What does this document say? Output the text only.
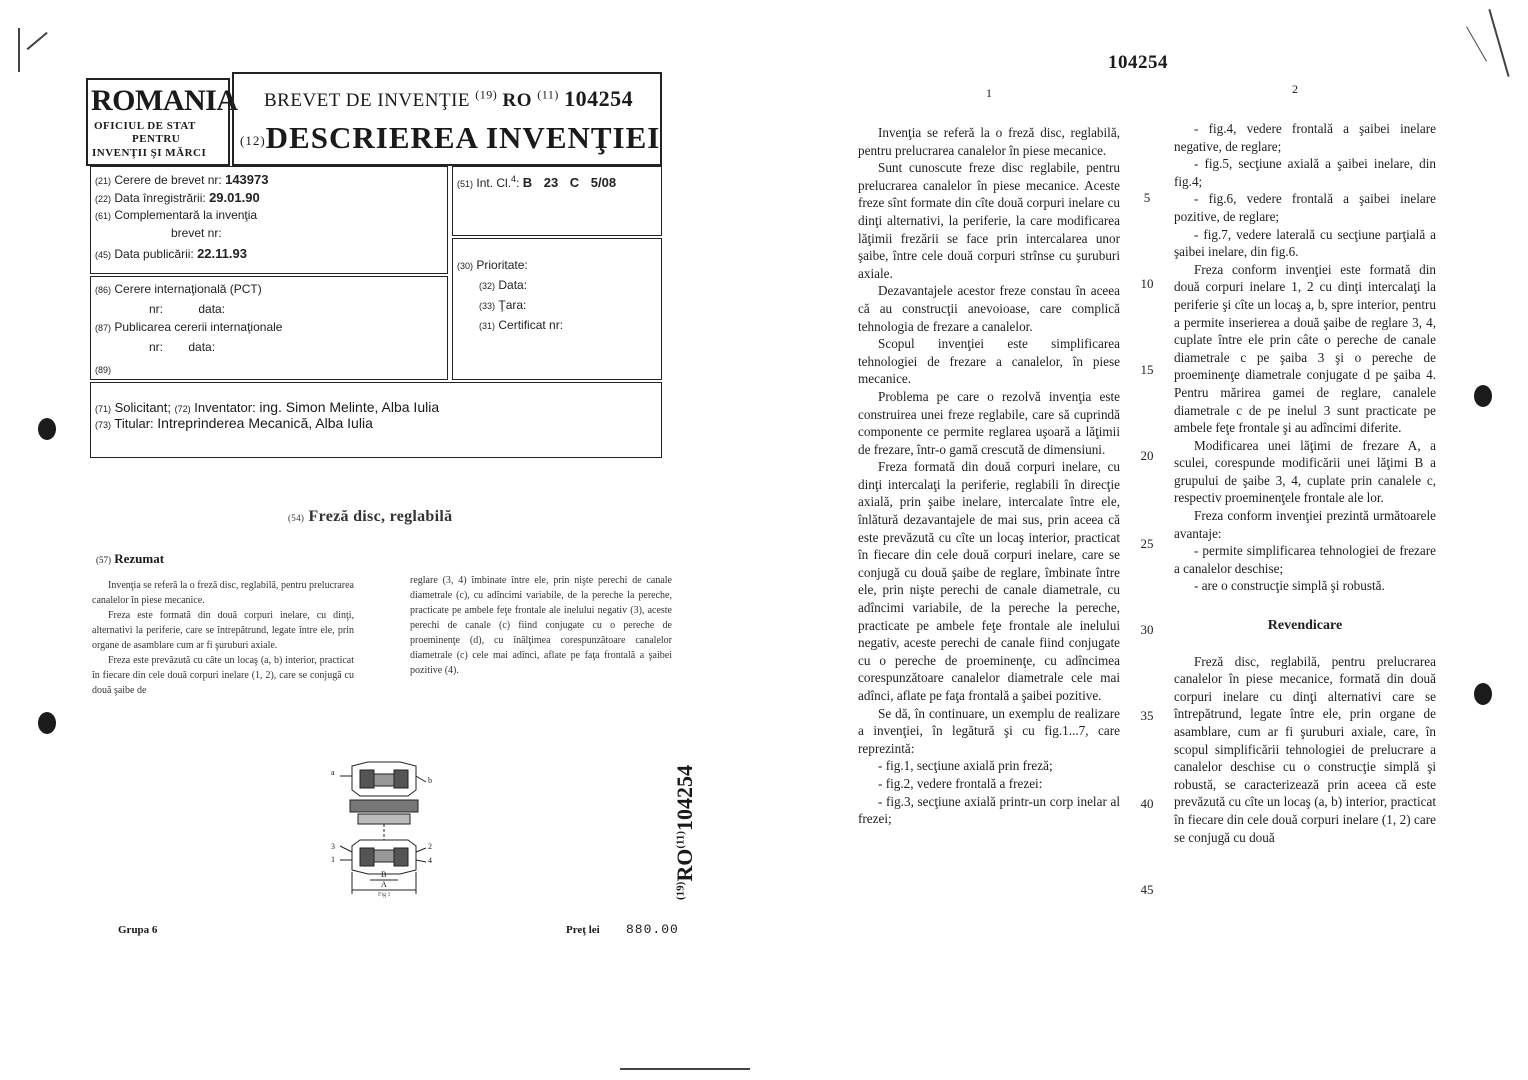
ROMANIA
OFICIUL DE STAT
PENTRU
INVENŢII ŞI MĂRCI
BREVET DE INVENŢIE $^{(19)}$ RO $^{(11)}$ 104254
(12)DESCRIEREA INVENŢIEI
(21) Cerere de brevet nr: 143973
(22) Data înregistrării: 29.01.90
(61) Complementară la invenţia
brevet nr:
(45) Data publicării: 22.11.93
(51) Int. Cl.$^4$: B 23 C 5/08
(86) Cerere internaţională (PCT)
nr:	data:
(87) Publicarea cererii internaţionale
nr: data:
(89)
(30) Prioritate:
(32) Data:
(33) Ţara:
(31) Certificat nr:
(71) Solicitant; (72) Inventator: ing. Simon Melinte, Alba Iulia
(73) Titular: Intreprinderea Mecanică, Alba Iulia
(54) Freză disc, reglabilă
(57) Rezumat

Invenţia se referă la o freză disc, reglabilă, pentru prelucrarea canalelor în piese mecanice.

Freza este formată din două corpuri inelare, cu dinţi, alternativi la periferie, care se întrepătrund, legate între ele, prin organe de asamblare cum ar fi şuruburi axiale.

Freza este prevăzută cu câte un locaş (a, b) interior, practicat în fiecare din cele două corpuri inelare (1, 2), care se conjugă cu două şaibe de

reglare (3, 4) îmbinate între ele, prin nişte perechi de canale diametrale (c), cu adîncimi variabile, de la pereche la pereche, practicate pe ambele feţe frontale ale inelului negativ (3), aceste perechi de canale (c) fiind conjugate cu o pereche de proeminenţe (d), cu înălţimea corespunzătoare canalelor diametrale (c) cele mai adînci, aflate pe faţa frontală a şaibei pozitive (4).

a
b
3
1
2
4
B
A
Fig 1	$^{(19)}$RO$^{(11)}$104254
Grupa 6	Preţ lei 880.00
104254
1	2

Invenţia se referă la o freză disc, reglabilă, pentru prelucrarea canalelor în piese mecanice.

Sunt cunoscute freze disc reglabile, pentru prelucrarea canalelor în piese mecanice. Aceste freze sînt formate din cîte două corpuri inelare cu dinţi alternativi, la periferie, la care modificarea lăţimii frezării se face prin intercalarea unor şaibe, între cele două corpuri strînse cu şuruburi axiale.

Dezavantajele acestor freze constau în aceea că au construcţii anevoioase, care complică tehnologia de frezare a canalelor.

Scopul invenţiei este simplificarea tehnologiei de frezare a canalelor, în piese mecanice.

Problema pe care o rezolvă invenţia este construirea unei freze reglabile, care să cuprindă componente ce permite reglarea uşoară a lăţimii de frezare, într-o gamă crescută de dimensiuni.

Freza formată din două corpuri inelare, cu dinţi intercalaţi la periferie, reglabili în direcţie axială, prin şaibe inelare, intercalate între ele, înlătură dezavantajele de mai sus, prin aceea că este prevăzută cu cîte un locaş interior, practicat în fiecare din cele două corpuri inelare, care se conjugă cu două şaibe de reglare, îmbinate între ele, prin nişte perechi de canale diametrale, cu adîncimi variabile, de la pereche la pereche, practicate pe ambele feţe frontale ale inelului negativ, aceste perechi de canale fiind conjugate cu o pereche de proeminenţe, cu adîncimea corespunzătoare canalelor diametrale cele mai adînci, aflate pe faţa frontală a şaibei pozitive.

Se dă, în continuare, un exemplu de realizare a invenţiei, în legătură şi cu fig.1...7, care reprezintă:

- fig.1, secţiune axială prin freză;

- fig.2, vedere frontală a frezei:

- fig.3, secţiune axială printr-un corp inelar al frezei;

5
10
15
20
25
30
35
40
45

- fig.4, vedere frontală a şaibei inelare negative, de reglare;

- fig.5, secţiune axială a şaibei inelare, din fig.4;

- fig.6, vedere frontală a şaibei inelare pozitive, de reglare;

- fig.7, vedere laterală cu secţiune parţială a şaibei inelare, din fig.6.

Freza conform invenţiei este formată din două corpuri inelare 1, 2 cu dinţi intercalaţi la periferie şi cîte un locaş a, b, spre interior, pentru a permite inserierea a două şaibe de reglare 3, 4, cuplate între ele prin câte o pereche de canale diametrale c pe şaiba 3 şi o pereche de proeminenţe diametrale conjugate d pe şaiba 4. Pentru mărirea gamei de reglare, canalele diametrale c de pe inelul 3 sunt practicate pe ambele feţe frontale şi au adîncimi diferite.

Modificarea unei lăţimi de frezare A, a sculei, corespunde modificării unei lăţimi B a grupului de şaibe 3, 4, cuplate prin canalele c, respectiv proeminenţele frontale ale lor.

Freza conform invenţiei prezintă următoarele avantaje:

- permite simplificarea tehnologiei de frezare a canalelor deschise;

- are o construcţie simplă şi robustă.

Revendicare

Freză disc, reglabilă, pentru prelucrarea canalelor în piese mecanice, formată din două corpuri inelare cu dinţi alternativi care se întrepătrund, legate între ele, prin organe de asamblare, cum ar fi şuruburi axiale, care, în scopul simplificării tehnologiei de prelucrare a canalelor deschise cu o construcţie simplă şi robustă, se caracterizează prin aceea că este prevăzută cu cîte un locaş (a, b) interior, practicat în fiecare din cele două corpuri inelare (1, 2) care se conjugă cu două
